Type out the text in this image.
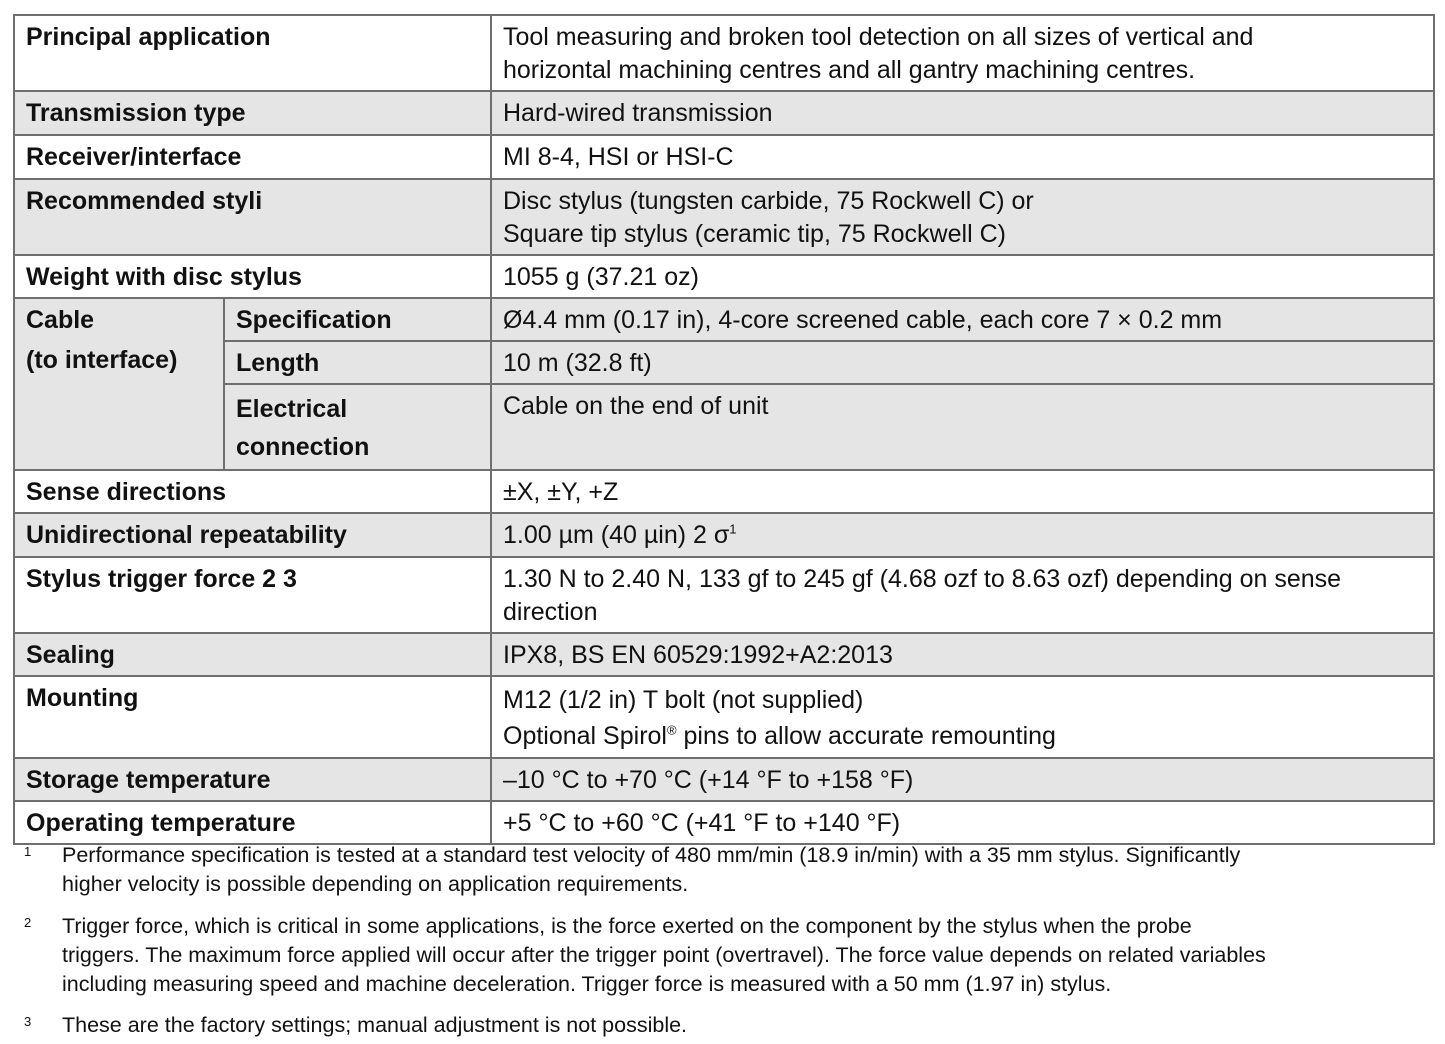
Principal application		Tool measuring and broken tool detection on all sizes of vertical and
horizontal machining centres and all gantry machining centres.

Transmission type		Hard-wired transmission
Receiver/interface		MI 8-4, HSI or HSI-C
Recommended styli		Disc stylus (tungsten carbide, 75 Rockwell C) or
Square tip stylus (ceramic tip, 75 Rockwell C)

Weight with disc stylus		1055 g (37.21 oz)

Cable
(to interface)	Specification	Ø4.4 mm (0.17 in), 4-core screened cable, each core 7 × 0.2 mm
	Length	10 m (32.8 ft)

	Electrical
connection	Cable on the end of unit
Sense directions		±X, ±Y, +Z
Unidirectional repeatability		1.00 µm (40 µin) 2 $\sigma^1$
Stylus trigger force 2 3		1.30 N to 2.40 N, 133 gf to 245 gf (4.68 ozf to 8.63 ozf) depending on sense
direction

Sealing		IPX8, BS EN 60529:1992+A2:2013
Mounting		M12 (1/2 in) T bolt (not supplied)
Optional Spirol® pins to allow accurate remounting

Storage temperature		–10 °C to +70 °C (+14 °F to +158 °F)
Operating temperature		+5 °C to +60 °C (+41 °F to +140 °F)
1 Performance specification is tested at a standard test velocity of 480 mm/min (18.9 in/min) with a 35 mm stylus. Significantly
higher velocity is possible depending on application requirements.
2 Trigger force, which is critical in some applications, is the force exerted on the component by the stylus when the probe
triggers. The maximum force applied will occur after the trigger point (overtravel). The force value depends on related variables
including measuring speed and machine deceleration. Trigger force is measured with a 50 mm (1.97 in) stylus.
3 These are the factory settings; manual adjustment is not possible.
